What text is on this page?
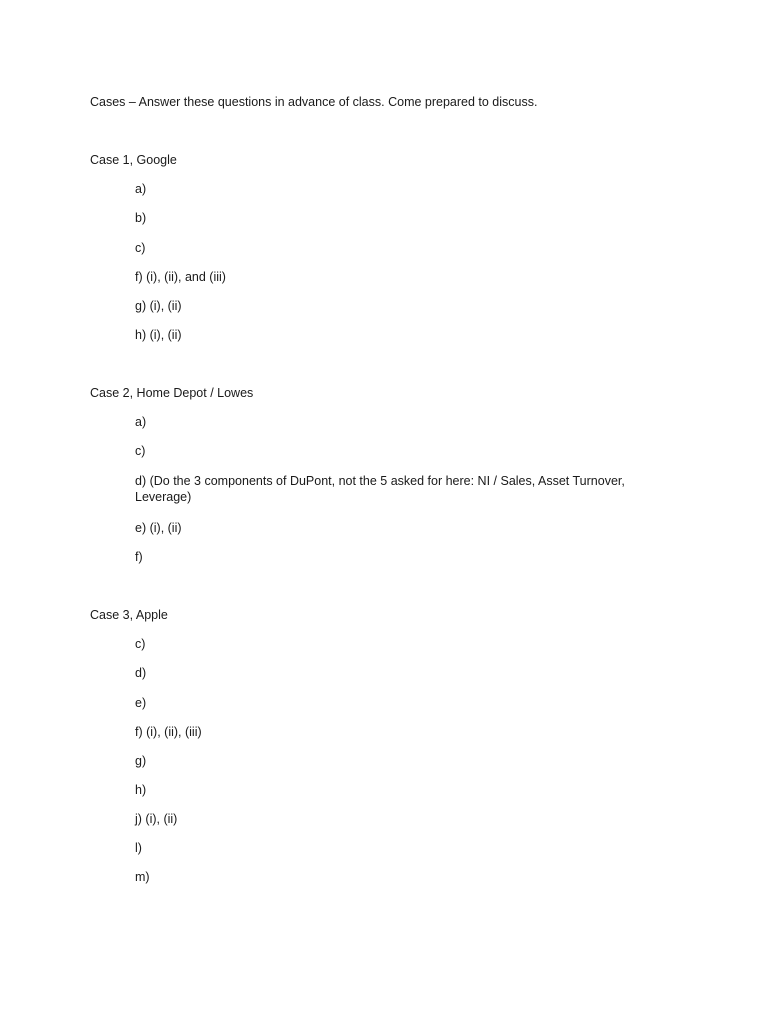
Cases – Answer these questions in advance of class. Come prepared to discuss.
Case 1, Google
a)
b)
c)
f) (i), (ii), and (iii)
g) (i), (ii)
h) (i), (ii)
Case 2, Home Depot / Lowes
a)
c)
d) (Do the 3 components of DuPont, not the 5 asked for here: NI / Sales, Asset Turnover, Leverage)
e) (i), (ii)
f)
Case 3, Apple
c)
d)
e)
f) (i), (ii), (iii)
g)
h)
j) (i), (ii)
l)
m)
